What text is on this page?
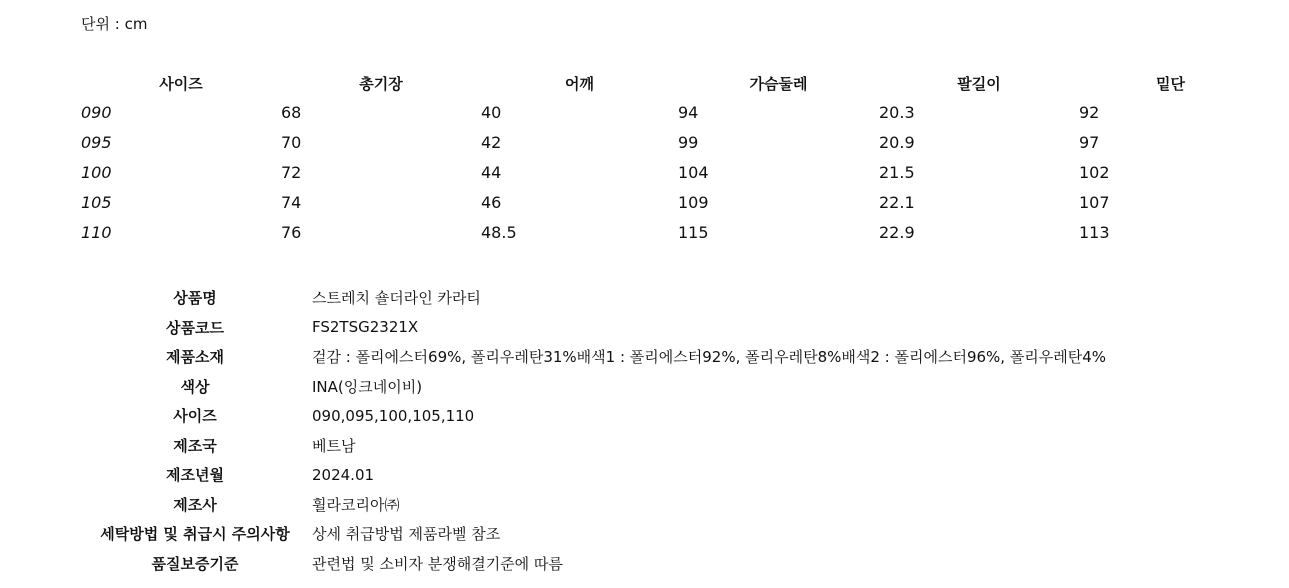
단위 : cm
사이즈	총기장	어깨	가슴둘레	팔길이	밑단
090	68	40	94	20.3	92
095	70	42	99	20.9	97
100	72	44	104	21.5	102
105	74	46	109	22.1	107
110	76	48.5	115	22.9	113
상품명	스트레치 숄더라인 카라티
상품코드	FS2TSG2321X
제품소재	겉감 : 폴리에스터69%, 폴리우레탄31%배색1 : 폴리에스터92%, 폴리우레탄8%배색2 : 폴리에스터96%, 폴리우레탄4%
색상	INA(잉크네이비)
사이즈	090,095,100,105,110
제조국	베트남
제조년월	2024.01
제조사	휠라코리아㈜
세탁방법 및 취급시 주의사항	상세 취급방법 제품라벨 참조
품질보증기준	관련법 및 소비자 분쟁해결기준에 따름
